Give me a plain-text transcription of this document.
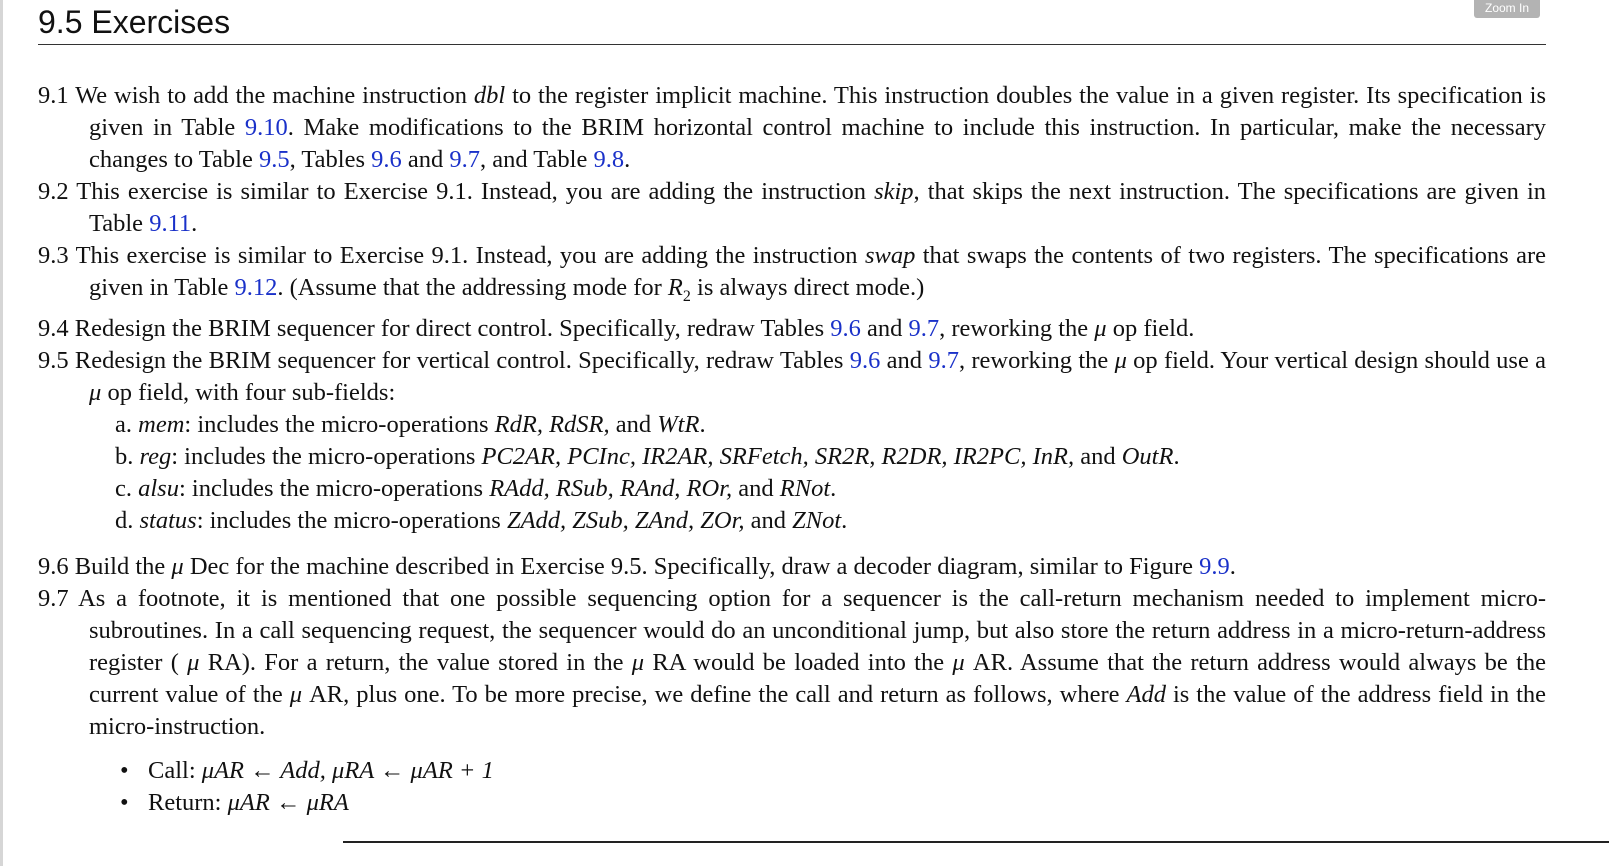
Zoom In
9.5 Exercises

9.1 We wish to add the machine instruction dbl to the register implicit machine. This instruction doubles the value in a given register. Its specification is given in Table 9.10. Make modifications to the BRIM horizontal control machine to include this instruction. In particular, make the necessary changes to Table 9.5, Tables 9.6 and 9.7, and Table 9.8.

9.2 This exercise is similar to Exercise 9.1. Instead, you are adding the instruction skip, that skips the next instruction. The specifications are given in Table 9.11.

9.3 This exercise is similar to Exercise 9.1. Instead, you are adding the instruction swap that swaps the contents of two registers. The specifications are given in Table 9.12. (Assume that the addressing mode for $R_2$ is always direct mode.)

9.4 Redesign the BRIM sequencer for direct control. Specifically, redraw Tables 9.6 and 9.7, reworking the μ op field.

9.5 Redesign the BRIM sequencer for vertical control. Specifically, redraw Tables 9.6 and 9.7, reworking the μ op field. Your vertical design should use a μ op field, with four sub-fields:

a. mem: includes the micro-operations RdR, RdSR, and WtR.

b. reg: includes the micro-operations PC2AR, PCInc, IR2AR, SRFetch, SR2R, R2DR, IR2PC, InR, and OutR.

c. alsu: includes the micro-operations RAdd, RSub, RAnd, ROr, and RNot.

d. status: includes the micro-operations ZAdd, ZSub, ZAnd, ZOr, and ZNot.

9.6 Build the μ Dec for the machine described in Exercise 9.5. Specifically, draw a decoder diagram, similar to Figure 9.9.

9.7 As a footnote, it is mentioned that one possible sequencing option for a sequencer is the call-return mechanism needed to implement micro-subroutines. In a call sequencing request, the sequencer would do an unconditional jump, but also store the return address in a micro-return-address register ( μ RA). For a return, the value stored in the μ RA would be loaded into the μ AR. Assume that the return address would always be the current value of the μ AR, plus one. To be more precise, we define the call and return as follows, where Add is the value of the address field in the micro-instruction.

• Call: μAR ← Add, μRA ← μAR + 1
• Return: μAR ← μRA
